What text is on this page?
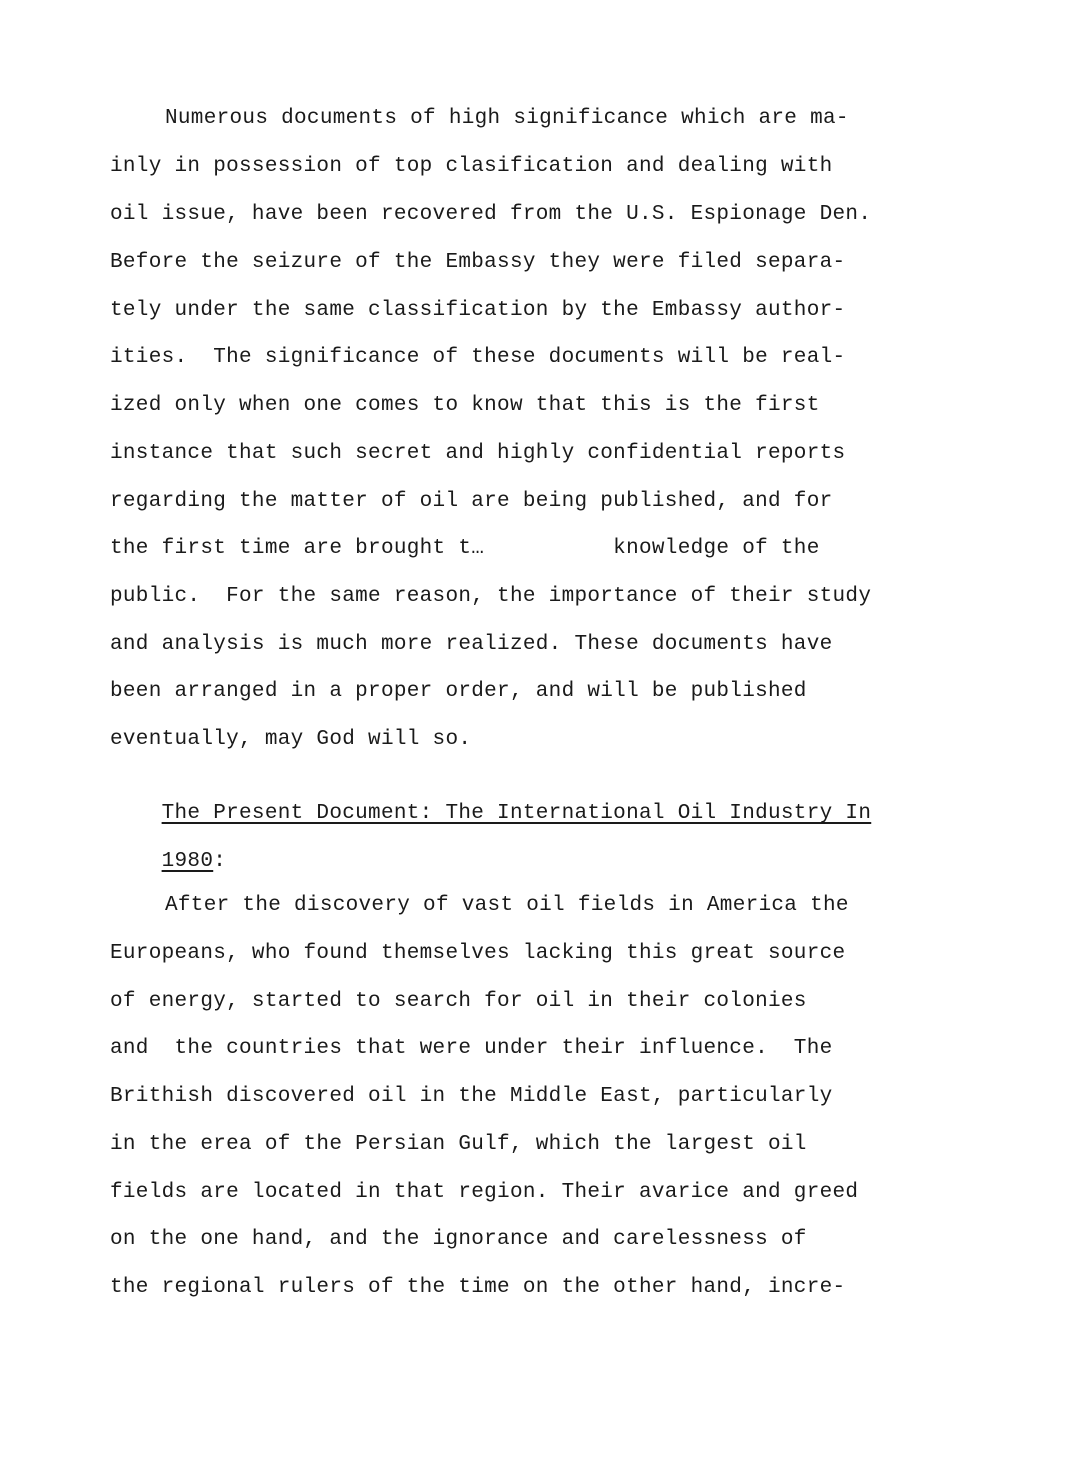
Numerous documents of high significance which are ma-
inly in possession of top clasification and dealing with
oil issue, have been recovered from the U.S. Espionage Den.
Before the seizure of the Embassy they were filed separa-
tely under the same classification by the Embassy author-
ities.  The significance of these documents will be real-
ized only when one comes to know that this is the first
instance that such secret and highly confidential reports
regarding the matter of oil are being published, and for
the first time are brought t…          knowledge of the
public.  For the same reason, the importance of their study
and analysis is much more realized. These documents have
been arranged in a proper order, and will be published
eventually, may God will so.

The Present Document: The International Oil Industry In

1980:

After the discovery of vast oil fields in America the
Europeans, who found themselves lacking this great source
of energy, started to search for oil in their colonies
and  the countries that were under their influence.  The
Brithish discovered oil in the Middle East, particularly
in the erea of the Persian Gulf, which the largest oil
fields are located in that region. Their avarice and greed
on the one hand, and the ignorance and carelessness of
the regional rulers of the time on the other hand, incre-
